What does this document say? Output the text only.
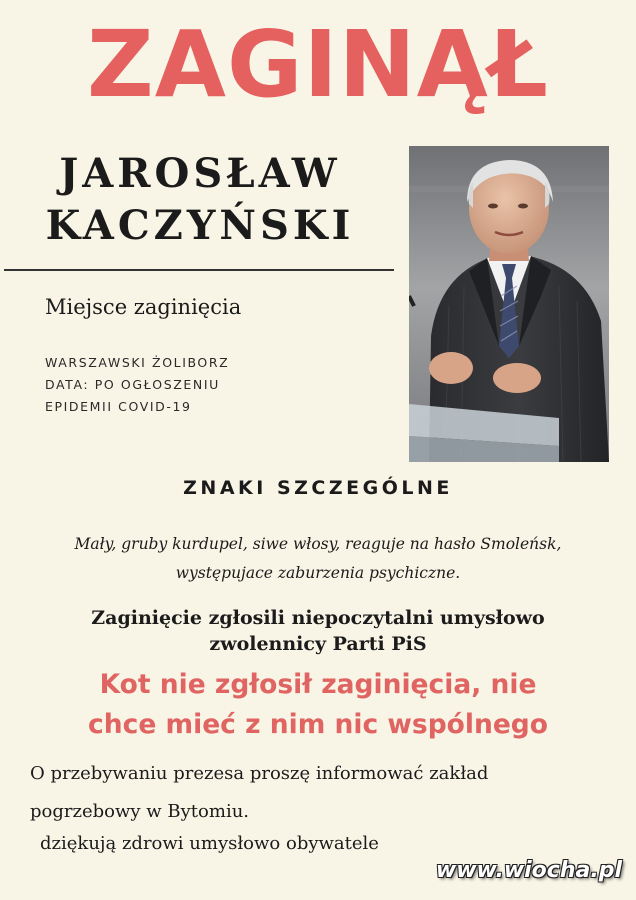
ZAGINĄŁ
JAROSŁAW
KACZYŃSKI
Miejsce zaginięcia
WARSZAWSKI ŻOLIBORZ
DATA: PO OGŁOSZENIU
EPIDEMII COVID-19
ZNAKI SZCZEGÓLNE
Mały, gruby kurdupel, siwe włosy, reaguje na hasło Smoleńsk,
występujace zaburzenia psychiczne.
Zaginięcie zgłosili niepoczytalni umysłowo
zwolennicy Parti PiS
Kot nie zgłosił zaginięcia, nie
chce mieć z nim nic wspólnego
O przebywaniu prezesa proszę informować zakład
pogrzebowy w Bytomiu.
dziękują zdrowi umysłowo obywatele
www.wiocha.pl
